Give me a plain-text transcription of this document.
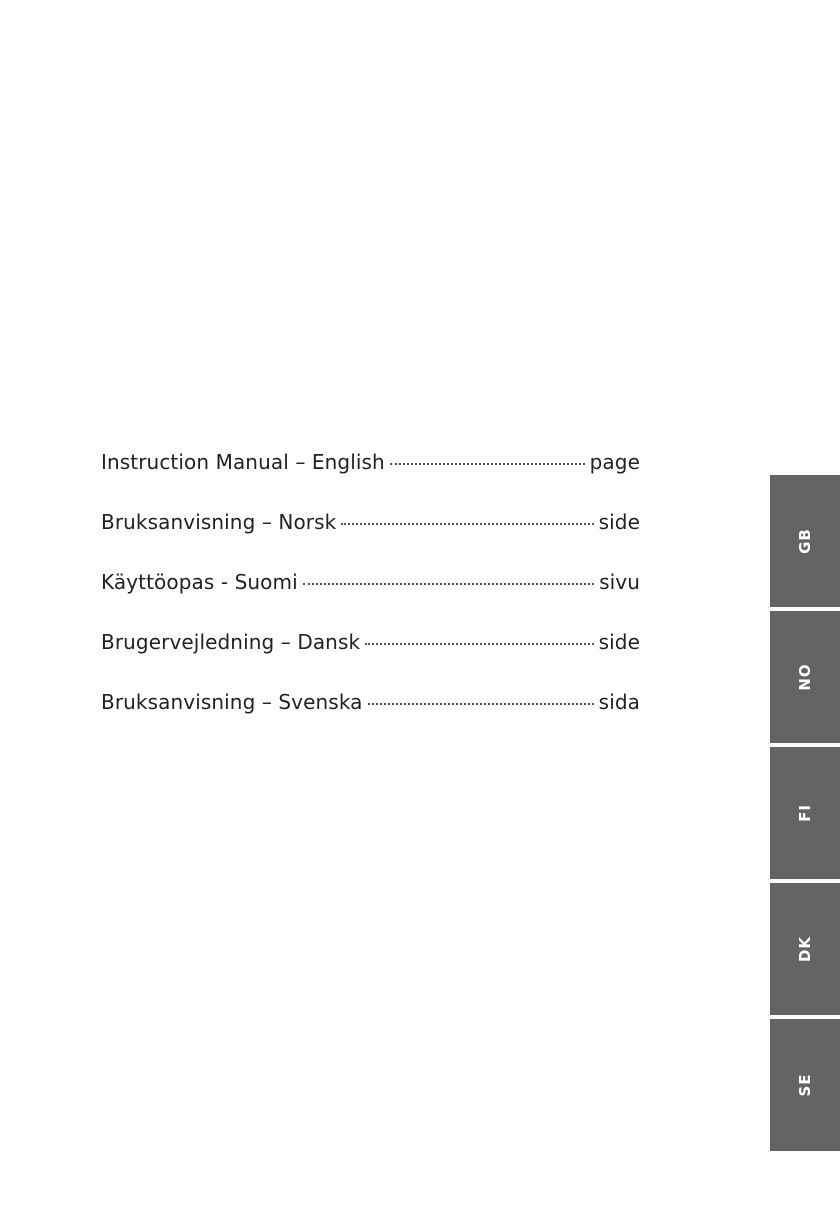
Instruction Manual – English	page
Bruksanvisning – Norsk	side
Käyttöopas - Suomi	sivu
Brugervejledning – Dansk	side
Bruksanvisning – Svenska	sida
GB
NO
FI
DK
SE
